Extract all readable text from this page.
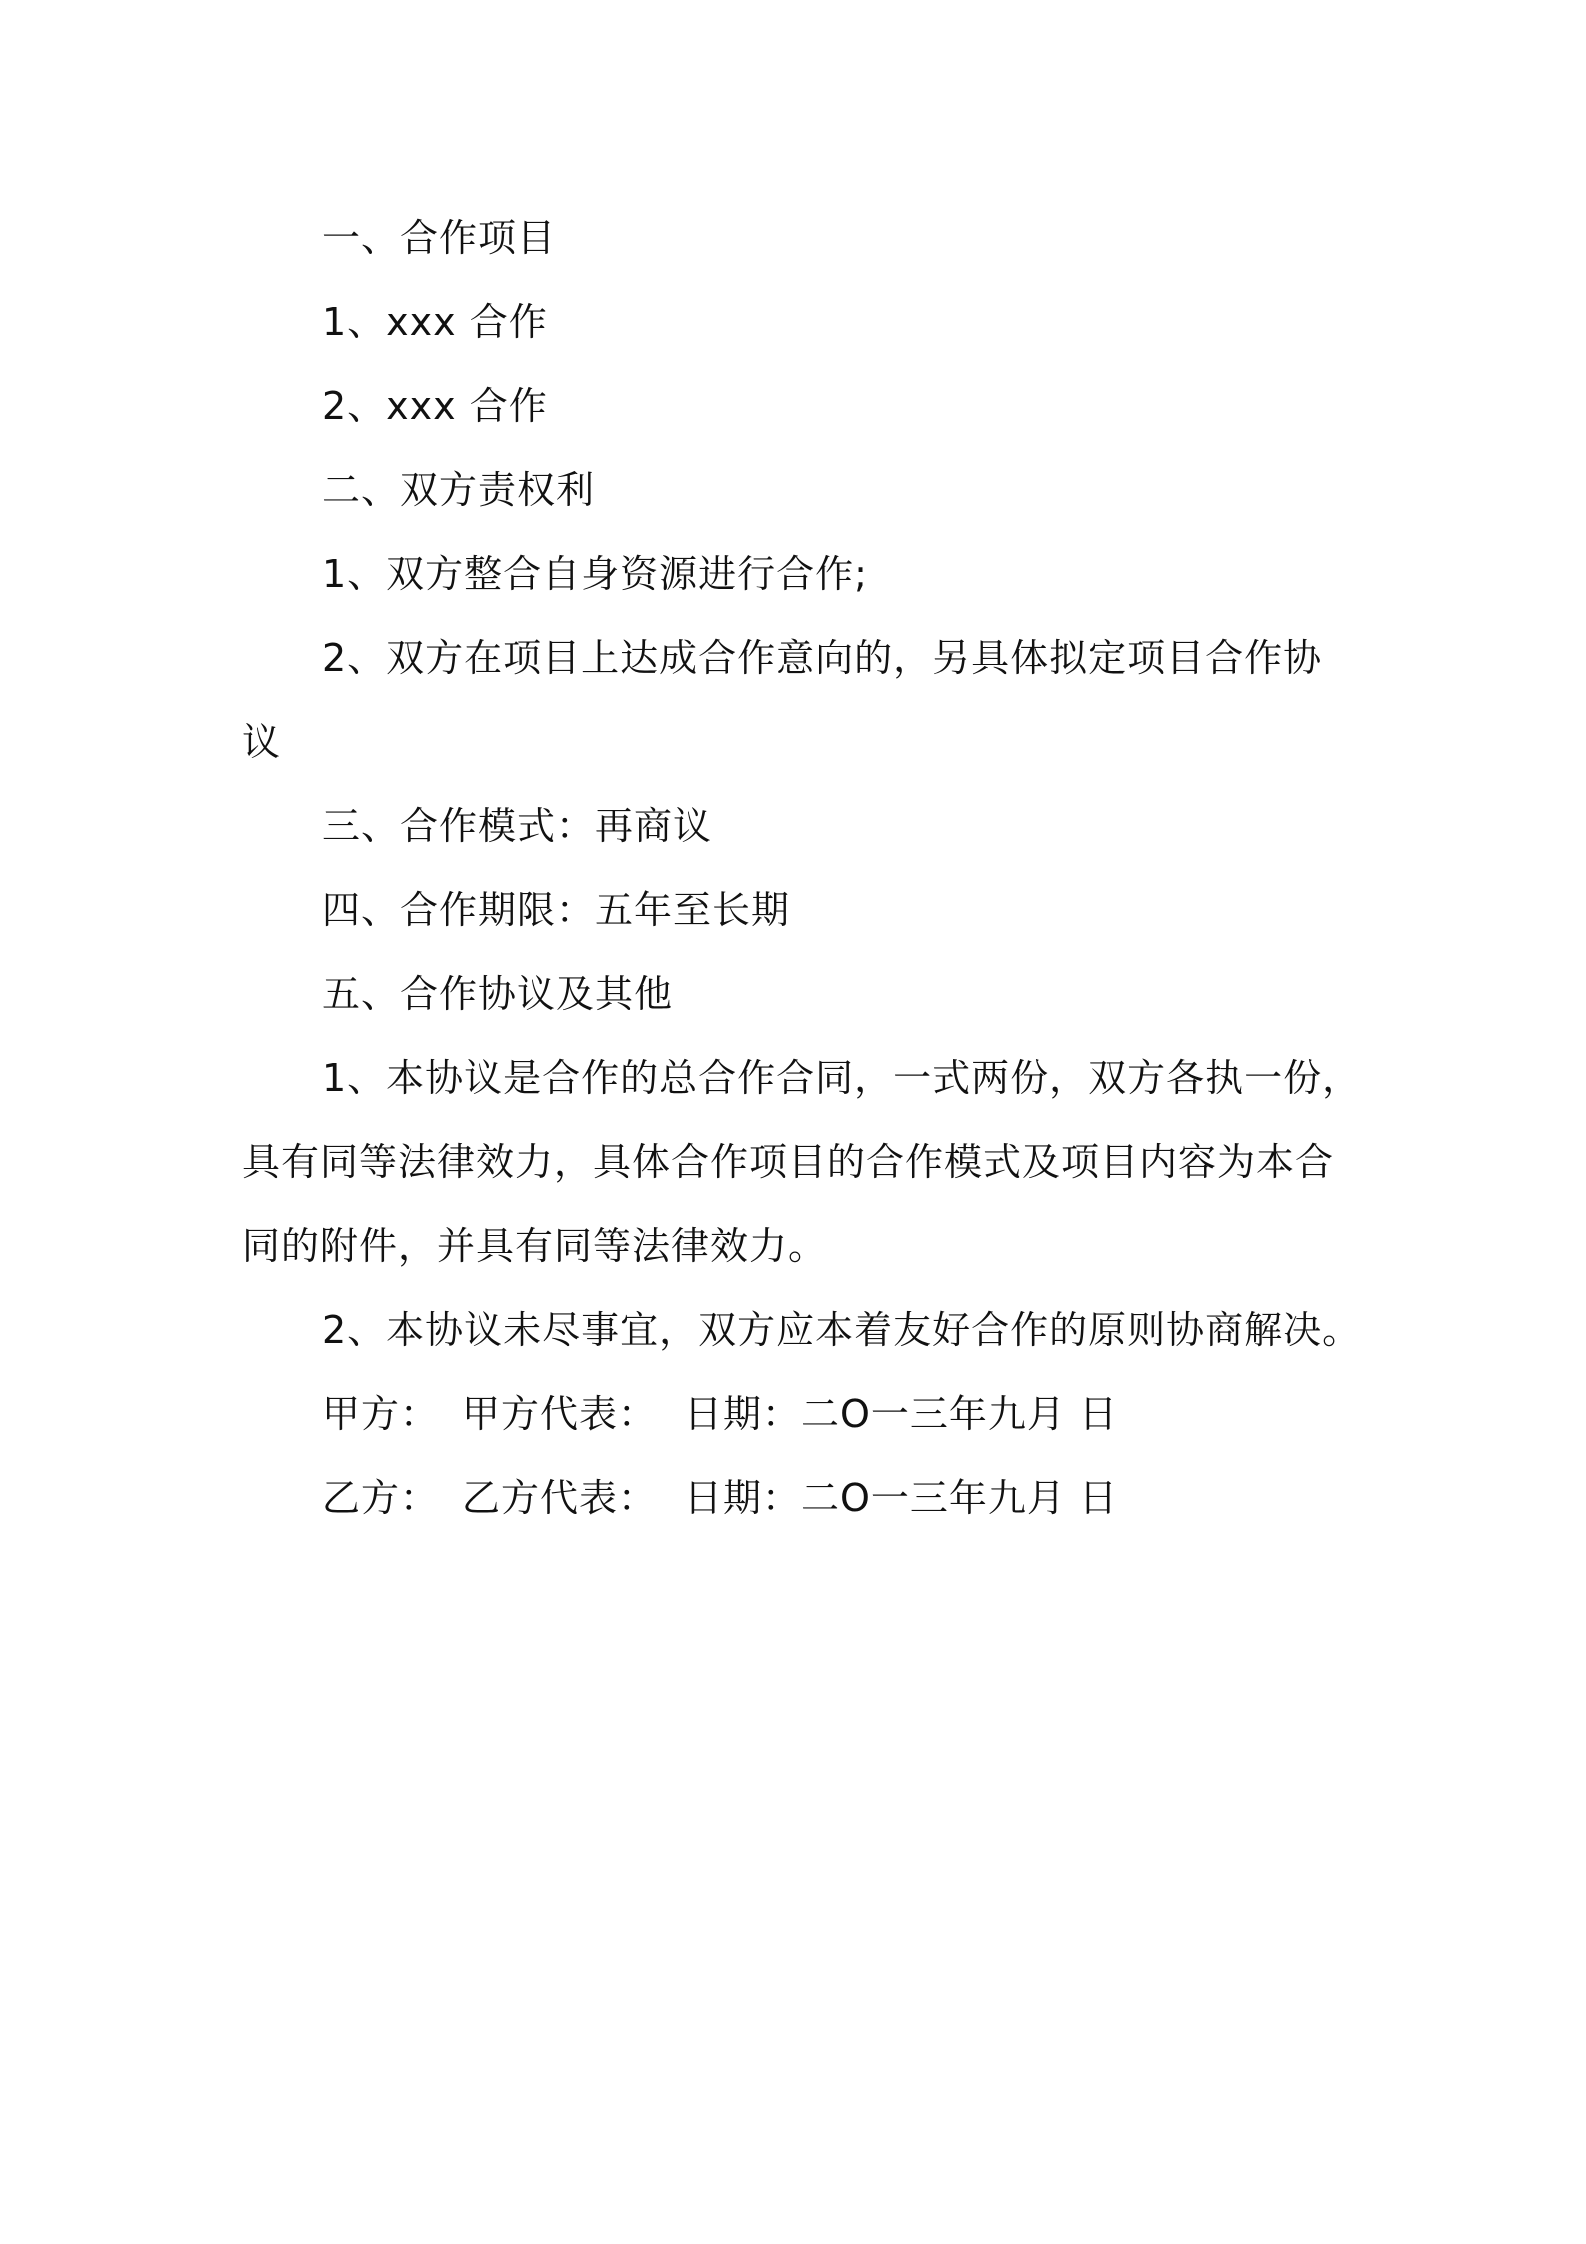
一、合作项目
1、xxx 合作
2、xxx 合作
二、双方责权利
1、双方整合自身资源进行合作;
2、双方在项目上达成合作意向的，另具体拟定项目合作协
议
三、合作模式：再商议
四、合作期限：五年至长期
五、合作协议及其他
1、本协议是合作的总合作合同，一式两份，双方各执一份，
具有同等法律效力，具体合作项目的合作模式及项目内容为本合
同的附件，并具有同等法律效力。
2、本协议未尽事宜，双方应本着友好合作的原则协商解决。
甲方： 甲方代表： 日期：二O一三年九月 日
乙方： 乙方代表： 日期：二O一三年九月 日
